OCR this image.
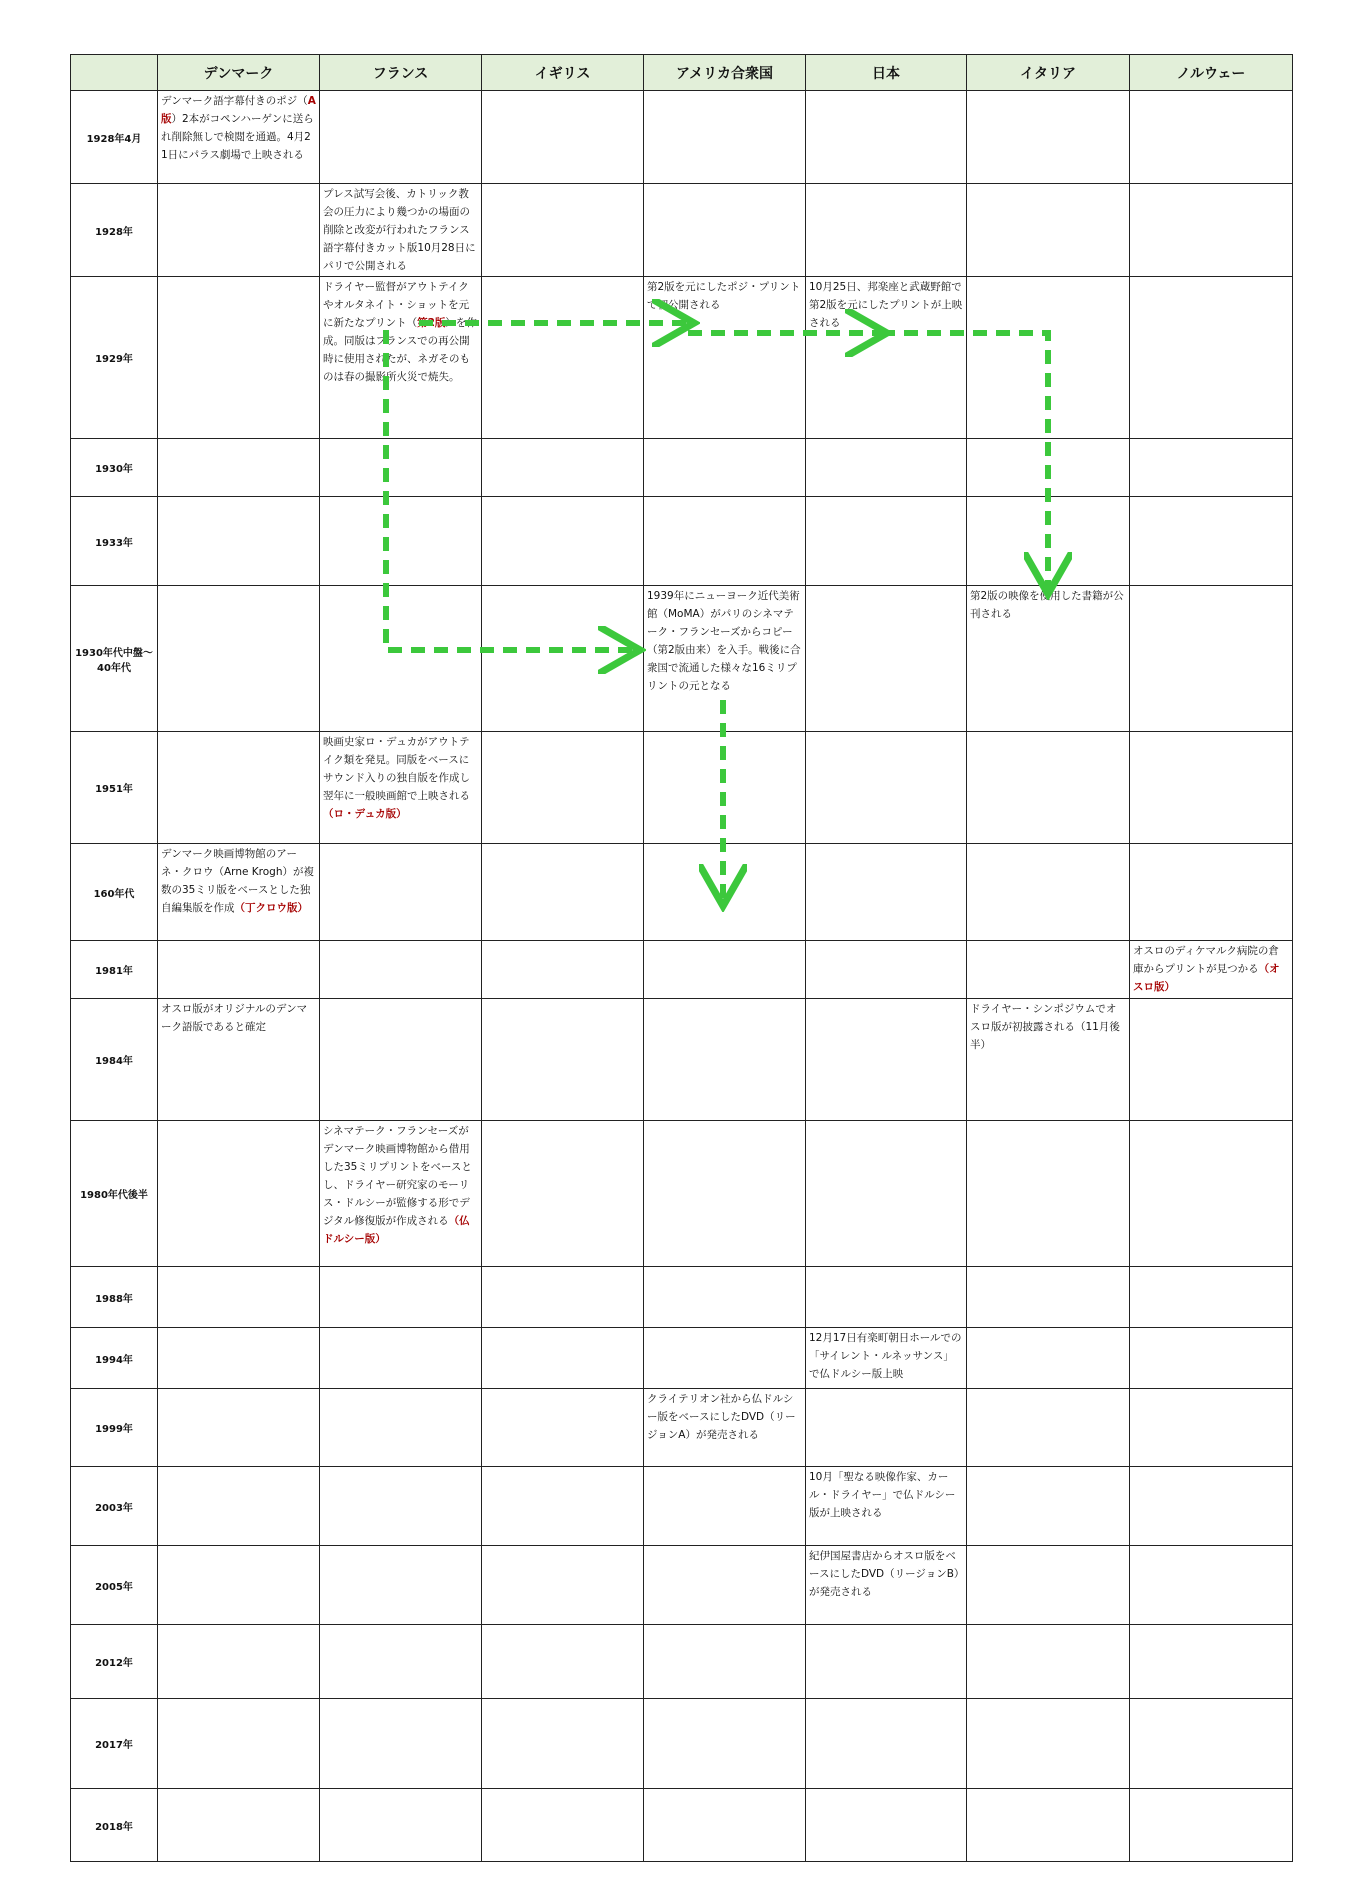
	デンマーク	フランス	イギリス	アメリカ合衆国	日本	イタリア	ノルウェー
1928年4月	デンマーク語字幕付きのポジ（A版）2本がコペンハーゲンに送られ削除無しで検閲を通過。4月21日にパラス劇場で上映される						
1928年		プレス試写会後、カトリック教会の圧力により幾つかの場面の削除と改変が行われたフランス語字幕付きカット版10月28日にパリで公開される					
1929年		ドライヤー監督がアウトテイクやオルタネイト・ショットを元に新たなプリント（第2版）を作成。同版はフランスでの再公開時に使用されたが、ネガそのものは春の撮影所火災で焼失。		第2版を元にしたポジ・プリントで初公開される	10月25日、邦楽座と武蔵野館で第2版を元にしたプリントが上映される		
1930年							
1933年							
1930年代中盤～40年代				1939年にニューヨーク近代美術館（MoMA）がパリのシネマテーク・フランセーズからコピー（第2版由来）を入手。戦後に合衆国で流通した様々な16ミリプリントの元となる		第2版の映像を使用した書籍が公刊される	
1951年		映画史家ロ・デュカがアウトテイク類を発見。同版をベースにサウンド入りの独自版を作成し翌年に一般映画館で上映される（ロ・デュカ版）					
160年代	デンマーク映画博物館のアーネ・クロウ（Arne Krogh）が複数の35ミリ版をベースとした独自編集版を作成（丁クロウ版）						
1981年							オスロのディケマルク病院の倉庫からプリントが見つかる（オスロ版）
1984年	オスロ版がオリジナルのデンマーク語版であると確定					ドライヤー・シンポジウムでオスロ版が初披露される（11月後半）	
1980年代後半		シネマテーク・フランセーズがデンマーク映画博物館から借用した35ミリプリントをベースとし、ドライヤー研究家のモーリス・ドルシーが監修する形でデジタル修復版が作成される（仏ドルシー版）					
1988年							
1994年					12月17日有楽町朝日ホールでの「サイレント・ルネッサンス」で仏ドルシー版上映		
1999年				クライテリオン社から仏ドルシー版をベースにしたDVD（リージョンA）が発売される			
2003年					10月「聖なる映像作家、カール・ドライヤー」で仏ドルシー版が上映される		
2005年					紀伊国屋書店からオスロ版をベースにしたDVD（リージョンB）が発売される		
2012年							
2017年							
2018年							
